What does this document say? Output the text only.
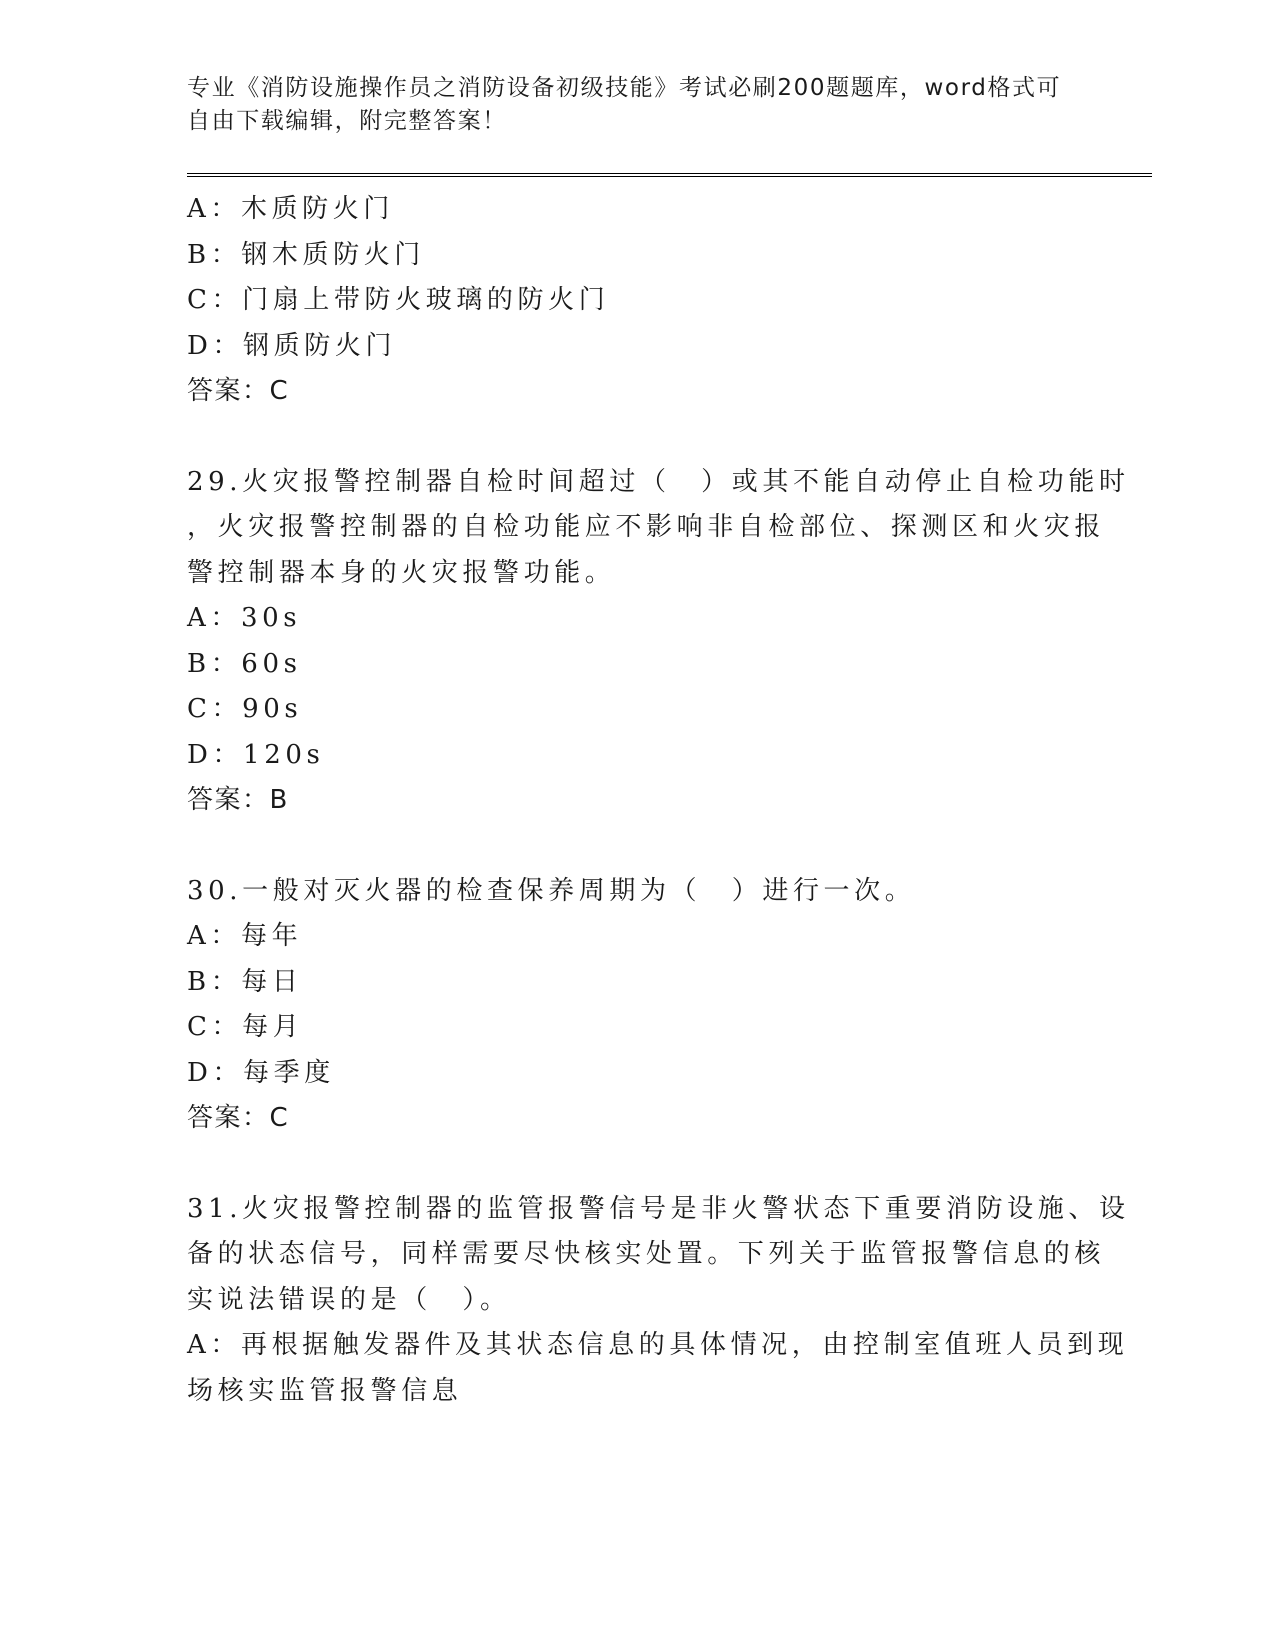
专业《消防设施操作员之消防设备初级技能》考试必刷200题题库，word格式可
自由下载编辑，附完整答案！

A：木质防火门

B：钢木质防火门

C：门扇上带防火玻璃的防火门

D：钢质防火门

答案：C

29.火灾报警控制器自检时间超过（　）或其不能自动停止自检功能时

，火灾报警控制器的自检功能应不影响非自检部位、探测区和火灾报

警控制器本身的火灾报警功能。

A：30s

B：60s

C：90s

D：120s

答案：B

30.一般对灭火器的检查保养周期为（　）进行一次。

A：每年

B：每日

C：每月

D：每季度

答案：C

31.火灾报警控制器的监管报警信号是非火警状态下重要消防设施、设

备的状态信号，同样需要尽快核实处置。下列关于监管报警信息的核

实说法错误的是（　）。

A：再根据触发器件及其状态信息的具体情况，由控制室值班人员到现

场核实监管报警信息
